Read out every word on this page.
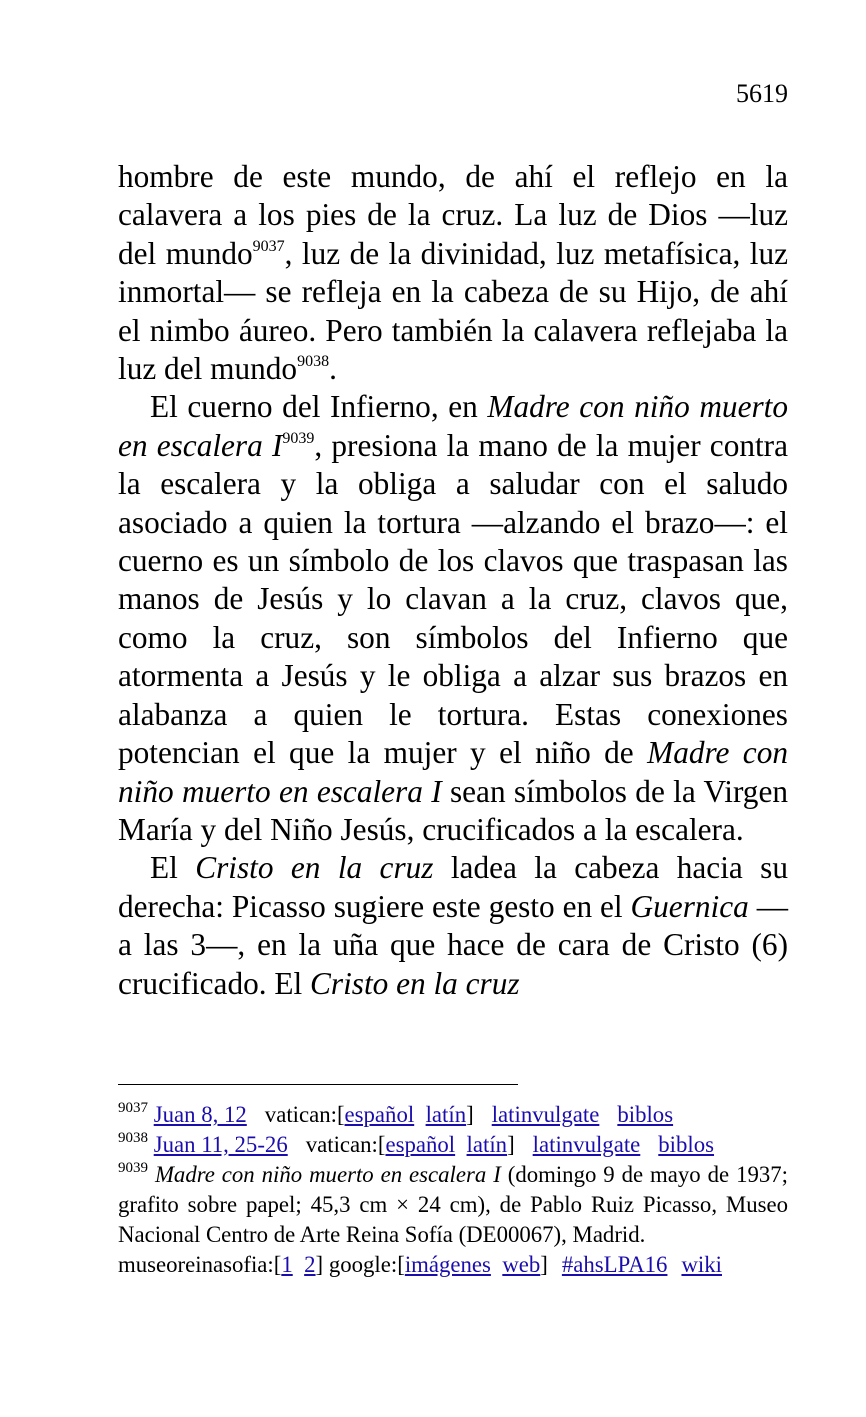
5619

hombre de este mundo, de ahí el reflejo en la calavera a los pies de la cruz. La luz de Dios —luz del mundo$^{9037}$, luz de la divinidad, luz metafísica, luz inmortal— se refleja en la cabeza de su Hijo, de ahí el nimbo áureo. Pero también la calavera reflejaba la luz del mundo$^{9038}$.

El cuerno del Infierno, en Madre con niño muerto en escalera $I^{9039}$, presiona la mano de la mujer contra la escalera y la obliga a saludar con el saludo asociado a quien la tortura —alzando el brazo—: el cuerno es un símbolo de los clavos que traspasan las manos de Jesús y lo clavan a la cruz, clavos que, como la cruz, son símbolos del Infierno que atormenta a Jesús y le obliga a alzar sus brazos en alabanza a quien le tortura. Estas conexiones potencian el que la mujer y el niño de Madre con niño muerto en escalera I sean símbolos de la Virgen María y del Niño Jesús, crucificados a la escalera.

El Cristo en la cruz ladea la cabeza hacia su derecha: Picasso sugiere este gesto en el Guernica —a las 3—, en la uña que hace de cara de Cristo (6) crucificado. El Cristo en la cruz

$^{9037}$ Juan 8, 12 vatican:[español latín] latinvulgate biblos
$^{9038}$ Juan 11, 25-26 vatican:[español latín] latinvulgate biblos
$^{9039}$ Madre con niño muerto en escalera I (domingo 9 de mayo de 1937; grafito sobre papel; 45,3 cm × 24 cm), de Pablo Ruiz Picasso, Museo Nacional Centro de Arte Reina Sofía (DE00067), Madrid.
museoreinasofia:[1 2] google:[imágenes web] #ahsLPA16 wiki
